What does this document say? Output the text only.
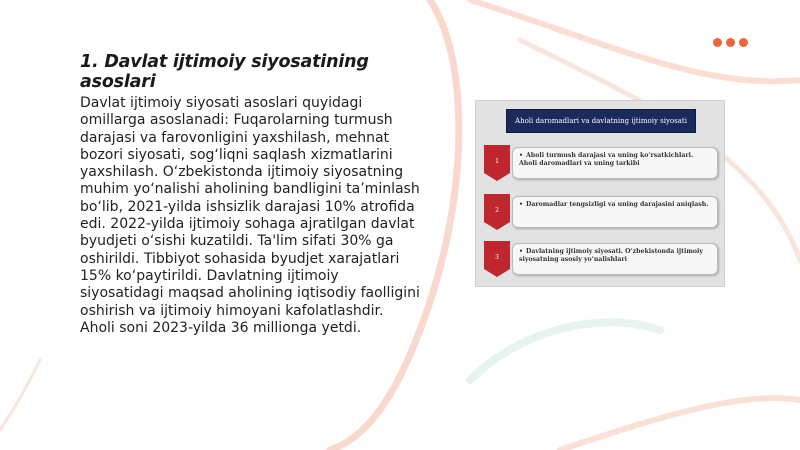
1. Davlat ijtimoiy siyosatining asoslari

Davlat ijtimoiy siyosati asoslari quyidagi omillarga asoslanadi: Fuqarolarning turmush darajasi va farovonligini yaxshilash, mehnat bozori siyosati, sog‘liqni saqlash xizmatlarini yaxshilash. O‘zbekistonda ijtimoiy siyosatning muhim yo‘nalishi aholining bandligini ta’minlash bo‘lib, 2021-yilda ishsizlik darajasi 10% atrofida edi. 2022-yilda ijtimoiy sohaga ajratilgan davlat byudjeti o‘sishi kuzatildi. Ta'lim sifati 30% ga oshirildi. Tibbiyot sohasida byudjet xarajatlari 15% ko‘paytirildi. Davlatning ijtimoiy siyosatidagi maqsad aholining iqtisodiy faolligini oshirish va ijtimoiy himoyani kafolatlashdir. Aholi soni 2023-yilda 36 millionga yetdi.

Aholi daromadlari va davlatning ijtimoiy siyosati
1
• Aholi turmush darajasi va uning ko‘rsatkichlari. Aholi daromadlari va uning tarkibi
2
• Daromadlar tengsizligi va uning darajasini aniqlash.
3
• Davlatning ijtimoiy siyosati. O‘zbekistonda ijtimoiy siyosatning asosiy yo‘nalishlari
